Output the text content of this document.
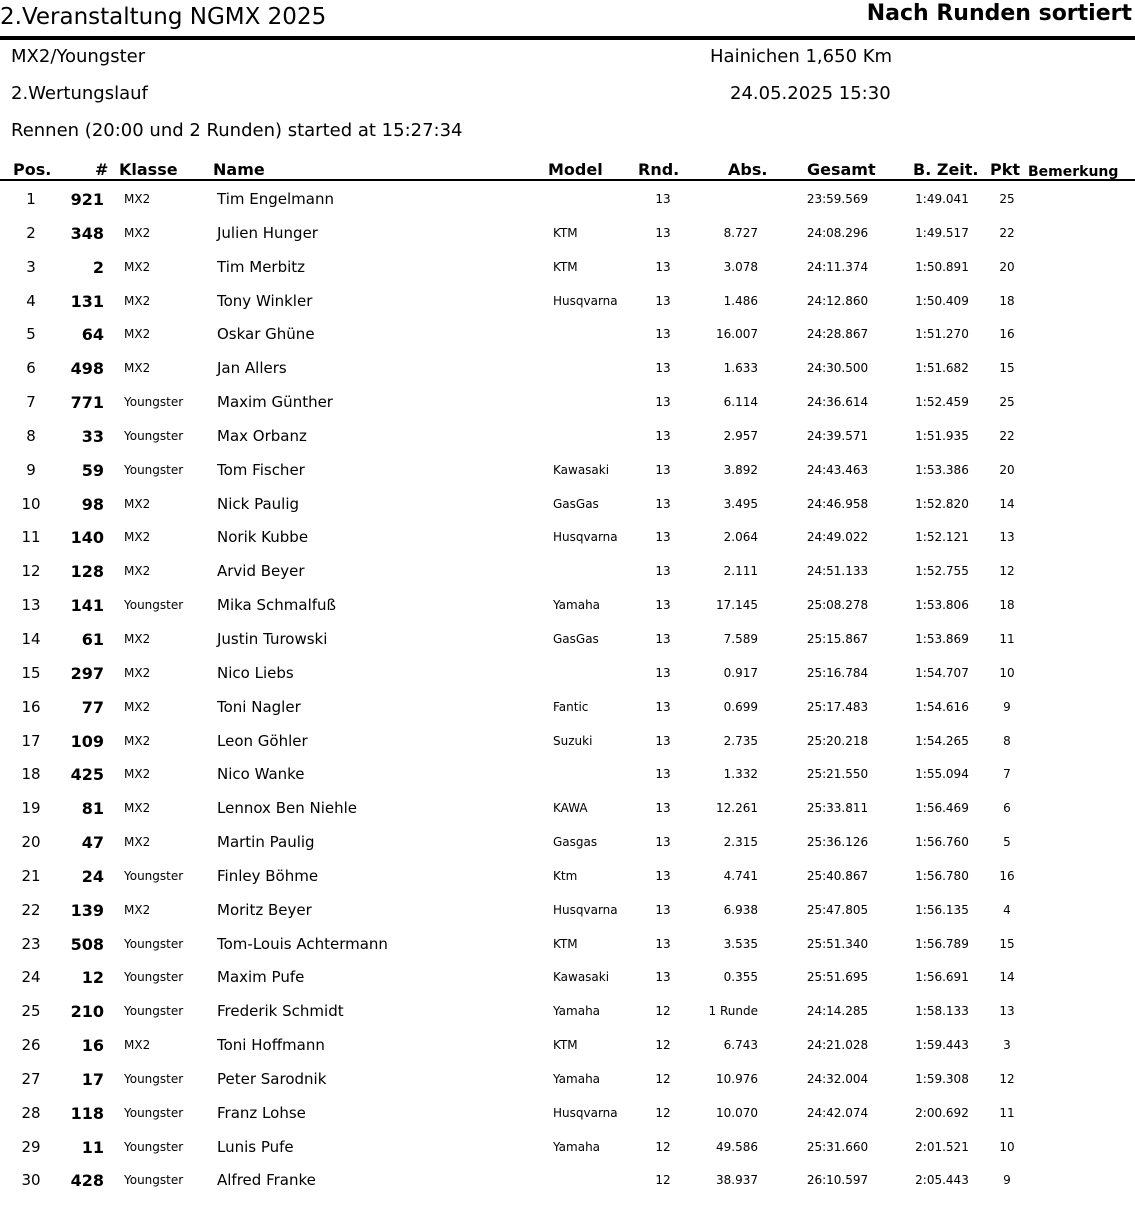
2.Veranstaltung NGMX 2025	Nach Runden sortiert
MX2/Youngster	Hainichen 1,650 Km
2.Wertungslauf	24.05.2025 15:30
Rennen (20:00 und 2 Runden) started at 15:27:34
Pos.	# Klasse Name	Model Rnd.	Abs. Gesamt B. Zeit. Pkt Bemerkung
1	921 MX2	Tim Engelmann	13	23:59.569	1:49.041	25
2	348 MX2	Julien Hunger	KTM	13	8.727	24:08.296	1:49.517	22
3	2 MX2	Tim Merbitz	KTM	13	3.078	24:11.374	1:50.891	20
4	131 MX2	Tony Winkler	Husqvarna	13	1.486	24:12.860	1:50.409	18
5	64 MX2	Oskar Ghüne	13	16.007	24:28.867	1:51.270	16
6	498 MX2	Jan Allers	13	1.633	24:30.500	1:51.682	15
7	771 Youngster Maxim Günther	13	6.114	24:36.614	1:52.459	25
8	33 Youngster Max Orbanz	13	2.957	24:39.571	1:51.935	22
9	59 Youngster Tom Fischer	Kawasaki	13	3.892	24:43.463	1:53.386	20
10	98 MX2	Nick Paulig	GasGas	13	3.495	24:46.958	1:52.820	14
11	140 MX2	Norik Kubbe	Husqvarna	13	2.064	24:49.022	1:52.121	13
12	128 MX2	Arvid Beyer	13	2.111	24:51.133	1:52.755	12
13	141 Youngster Mika Schmalfuß	Yamaha	13	17.145	25:08.278	1:53.806	18
14	61 MX2	Justin Turowski	GasGas	13	7.589	25:15.867	1:53.869	11
15	297 MX2	Nico Liebs	13	0.917	25:16.784	1:54.707	10
16	77 MX2	Toni Nagler	Fantic	13	0.699	25:17.483	1:54.616	9
17	109 MX2	Leon Göhler	Suzuki	13	2.735	25:20.218	1:54.265	8
18	425 MX2	Nico Wanke	13	1.332	25:21.550	1:55.094	7
19	81 MX2	Lennox Ben Niehle	KAWA	13	12.261	25:33.811	1:56.469	6
20	47 MX2	Martin Paulig	Gasgas	13	2.315	25:36.126	1:56.760	5
21	24 Youngster Finley Böhme	Ktm	13	4.741	25:40.867	1:56.780	16
22	139 MX2	Moritz Beyer	Husqvarna	13	6.938	25:47.805	1:56.135	4
23	508 Youngster Tom-Louis Achtermann	KTM	13	3.535	25:51.340	1:56.789	15
24	12 Youngster Maxim Pufe	Kawasaki	13	0.355	25:51.695	1:56.691	14
25	210 Youngster Frederik Schmidt	Yamaha	12	1 Runde	24:14.285	1:58.133	13
26	16 MX2	Toni Hoffmann	KTM	12	6.743	24:21.028	1:59.443	3
27	17 Youngster Peter Sarodnik	Yamaha	12	10.976	24:32.004	1:59.308	12
28	118 Youngster Franz Lohse	Husqvarna	12	10.070	24:42.074	2:00.692	11
29	11 Youngster Lunis Pufe	Yamaha	12	49.586	25:31.660	2:01.521	10
30	428 Youngster Alfred Franke	12	38.937	26:10.597	2:05.443	9
